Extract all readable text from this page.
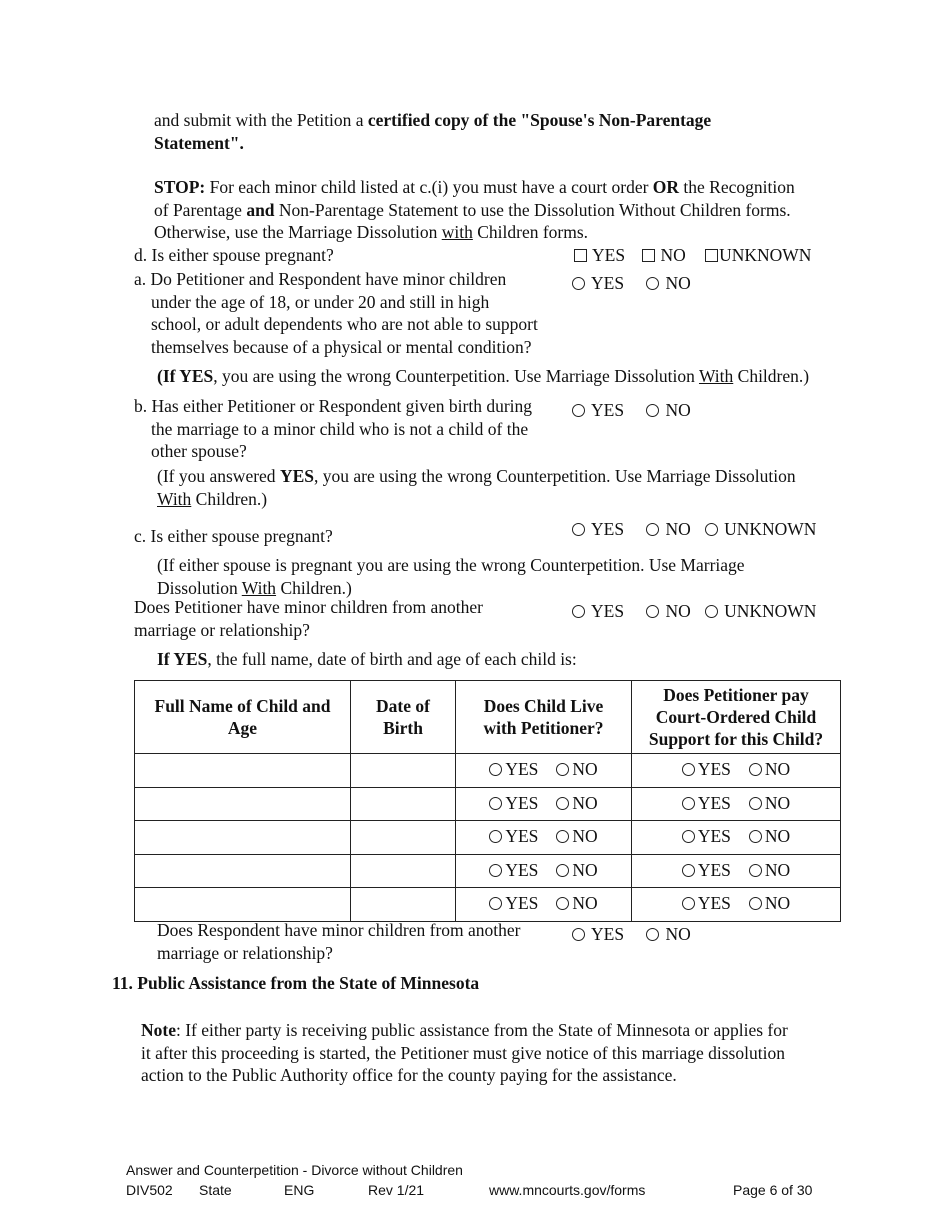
and submit with the Petition a certified copy of the "Spouse's Non-Parentage
Statement".
STOP: For each minor child listed at c.(i) you must have a court order OR the Recognition
of Parentage and Non-Parentage Statement to use the Dissolution Without Children forms.
Otherwise, use the Marriage Dissolution with Children forms.
d. Is either spouse pregnant?	YES
NO
UNKNOWN
a. Do Petitioner and Respondent have minor children
under the age of 18, or under 20 and still in high
school, or adult dependents who are not able to support
themselves because of a physical or mental condition?
YES
NO
(If YES, you are using the wrong Counterpetition. Use Marriage Dissolution With Children.)
b. Has either Petitioner or Respondent given birth during
the marriage to a minor child who is not a child of the
other spouse?
YES
NO
(If you answered YES, you are using the wrong Counterpetition. Use Marriage Dissolution
With Children.)
c. Is either spouse pregnant?	YES
NO
UNKNOWN
(If either spouse is pregnant you are using the wrong Counterpetition. Use Marriage
Dissolution With Children.)
Does Petitioner have minor children from another
marriage or relationship?
YES
NO
UNKNOWN
If YES, the full name, date of birth and age of each child is:
Full Name of Child and Age	Date of Birth	Does Child Live with Petitioner?	Does Petitioner pay Court-Ordered Child Support for this Child?

		YES NO	YES NO

		YES NO	YES NO

		YES NO	YES NO

		YES NO	YES NO

		YES NO	YES NO
Does Respondent have minor children from another
marriage or relationship?
YES
NO
11. Public Assistance from the State of Minnesota
Note: If either party is receiving public assistance from the State of Minnesota or applies for
it after this proceeding is started, the Petitioner must give notice of this marriage dissolution
action to the Public Authority office for the county paying for the assistance.
Answer and Counterpetition - Divorce without Children
DIV502 State	ENG	Rev 1/21	www.mncourts.gov/forms	Page 6 of 30
